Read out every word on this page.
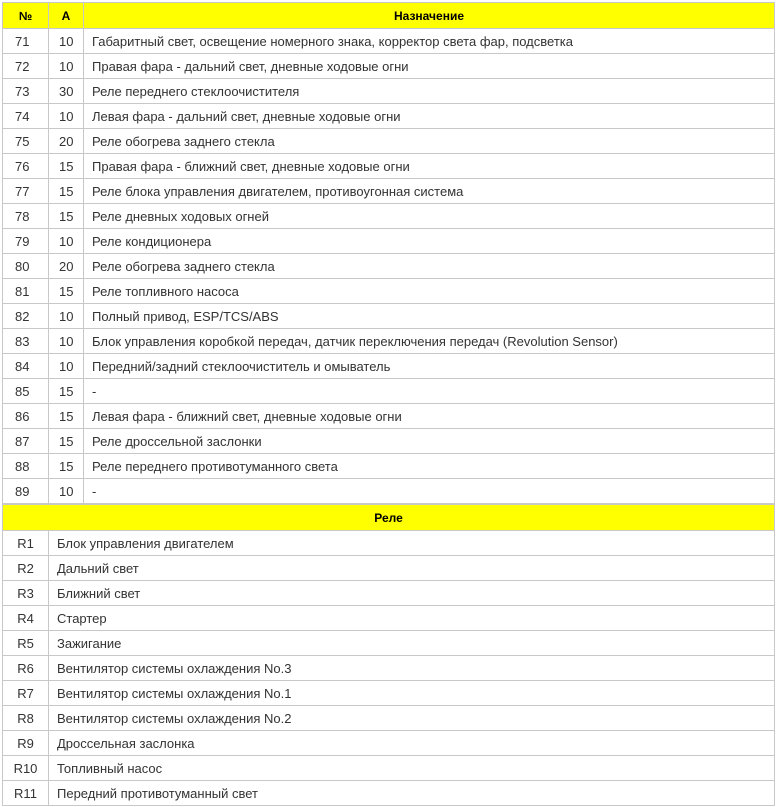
№	А	Назначение
71	10	Габаритный свет, освещение номерного знака, корректор света фар, подсветка
72	10	Правая фара - дальний свет, дневные ходовые огни
73	30	Реле переднего стеклоочистителя
74	10	Левая фара - дальний свет, дневные ходовые огни
75	20	Реле обогрева заднего стекла
76	15	Правая фара - ближний свет, дневные ходовые огни
77	15	Реле блока управления двигателем, противоугонная система
78	15	Реле дневных ходовых огней
79	10	Реле кондиционера
80	20	Реле обогрева заднего стекла
81	15	Реле топливного насоса
82	10	Полный привод, ESP/TCS/ABS
83	10	Блок управления коробкой передач, датчик переключения передач (Revolution Sensor)
84	10	Передний/задний стеклоочиститель и омыватель
85	15	-
86	15	Левая фара - ближний свет, дневные ходовые огни
87	15	Реле дроссельной заслонки
88	15	Реле переднего противотуманного света
89	10	-
Реле	
R1	Блок управления двигателем
R2	Дальний свет
R3	Ближний свет
R4	Стартер
R5	Зажигание
R6	Вентилятор системы охлаждения No.3
R7	Вентилятор системы охлаждения No.1
R8	Вентилятор системы охлаждения No.2
R9	Дроссельная заслонка
R10	Топливный насос
R11	Передний противотуманный свет
